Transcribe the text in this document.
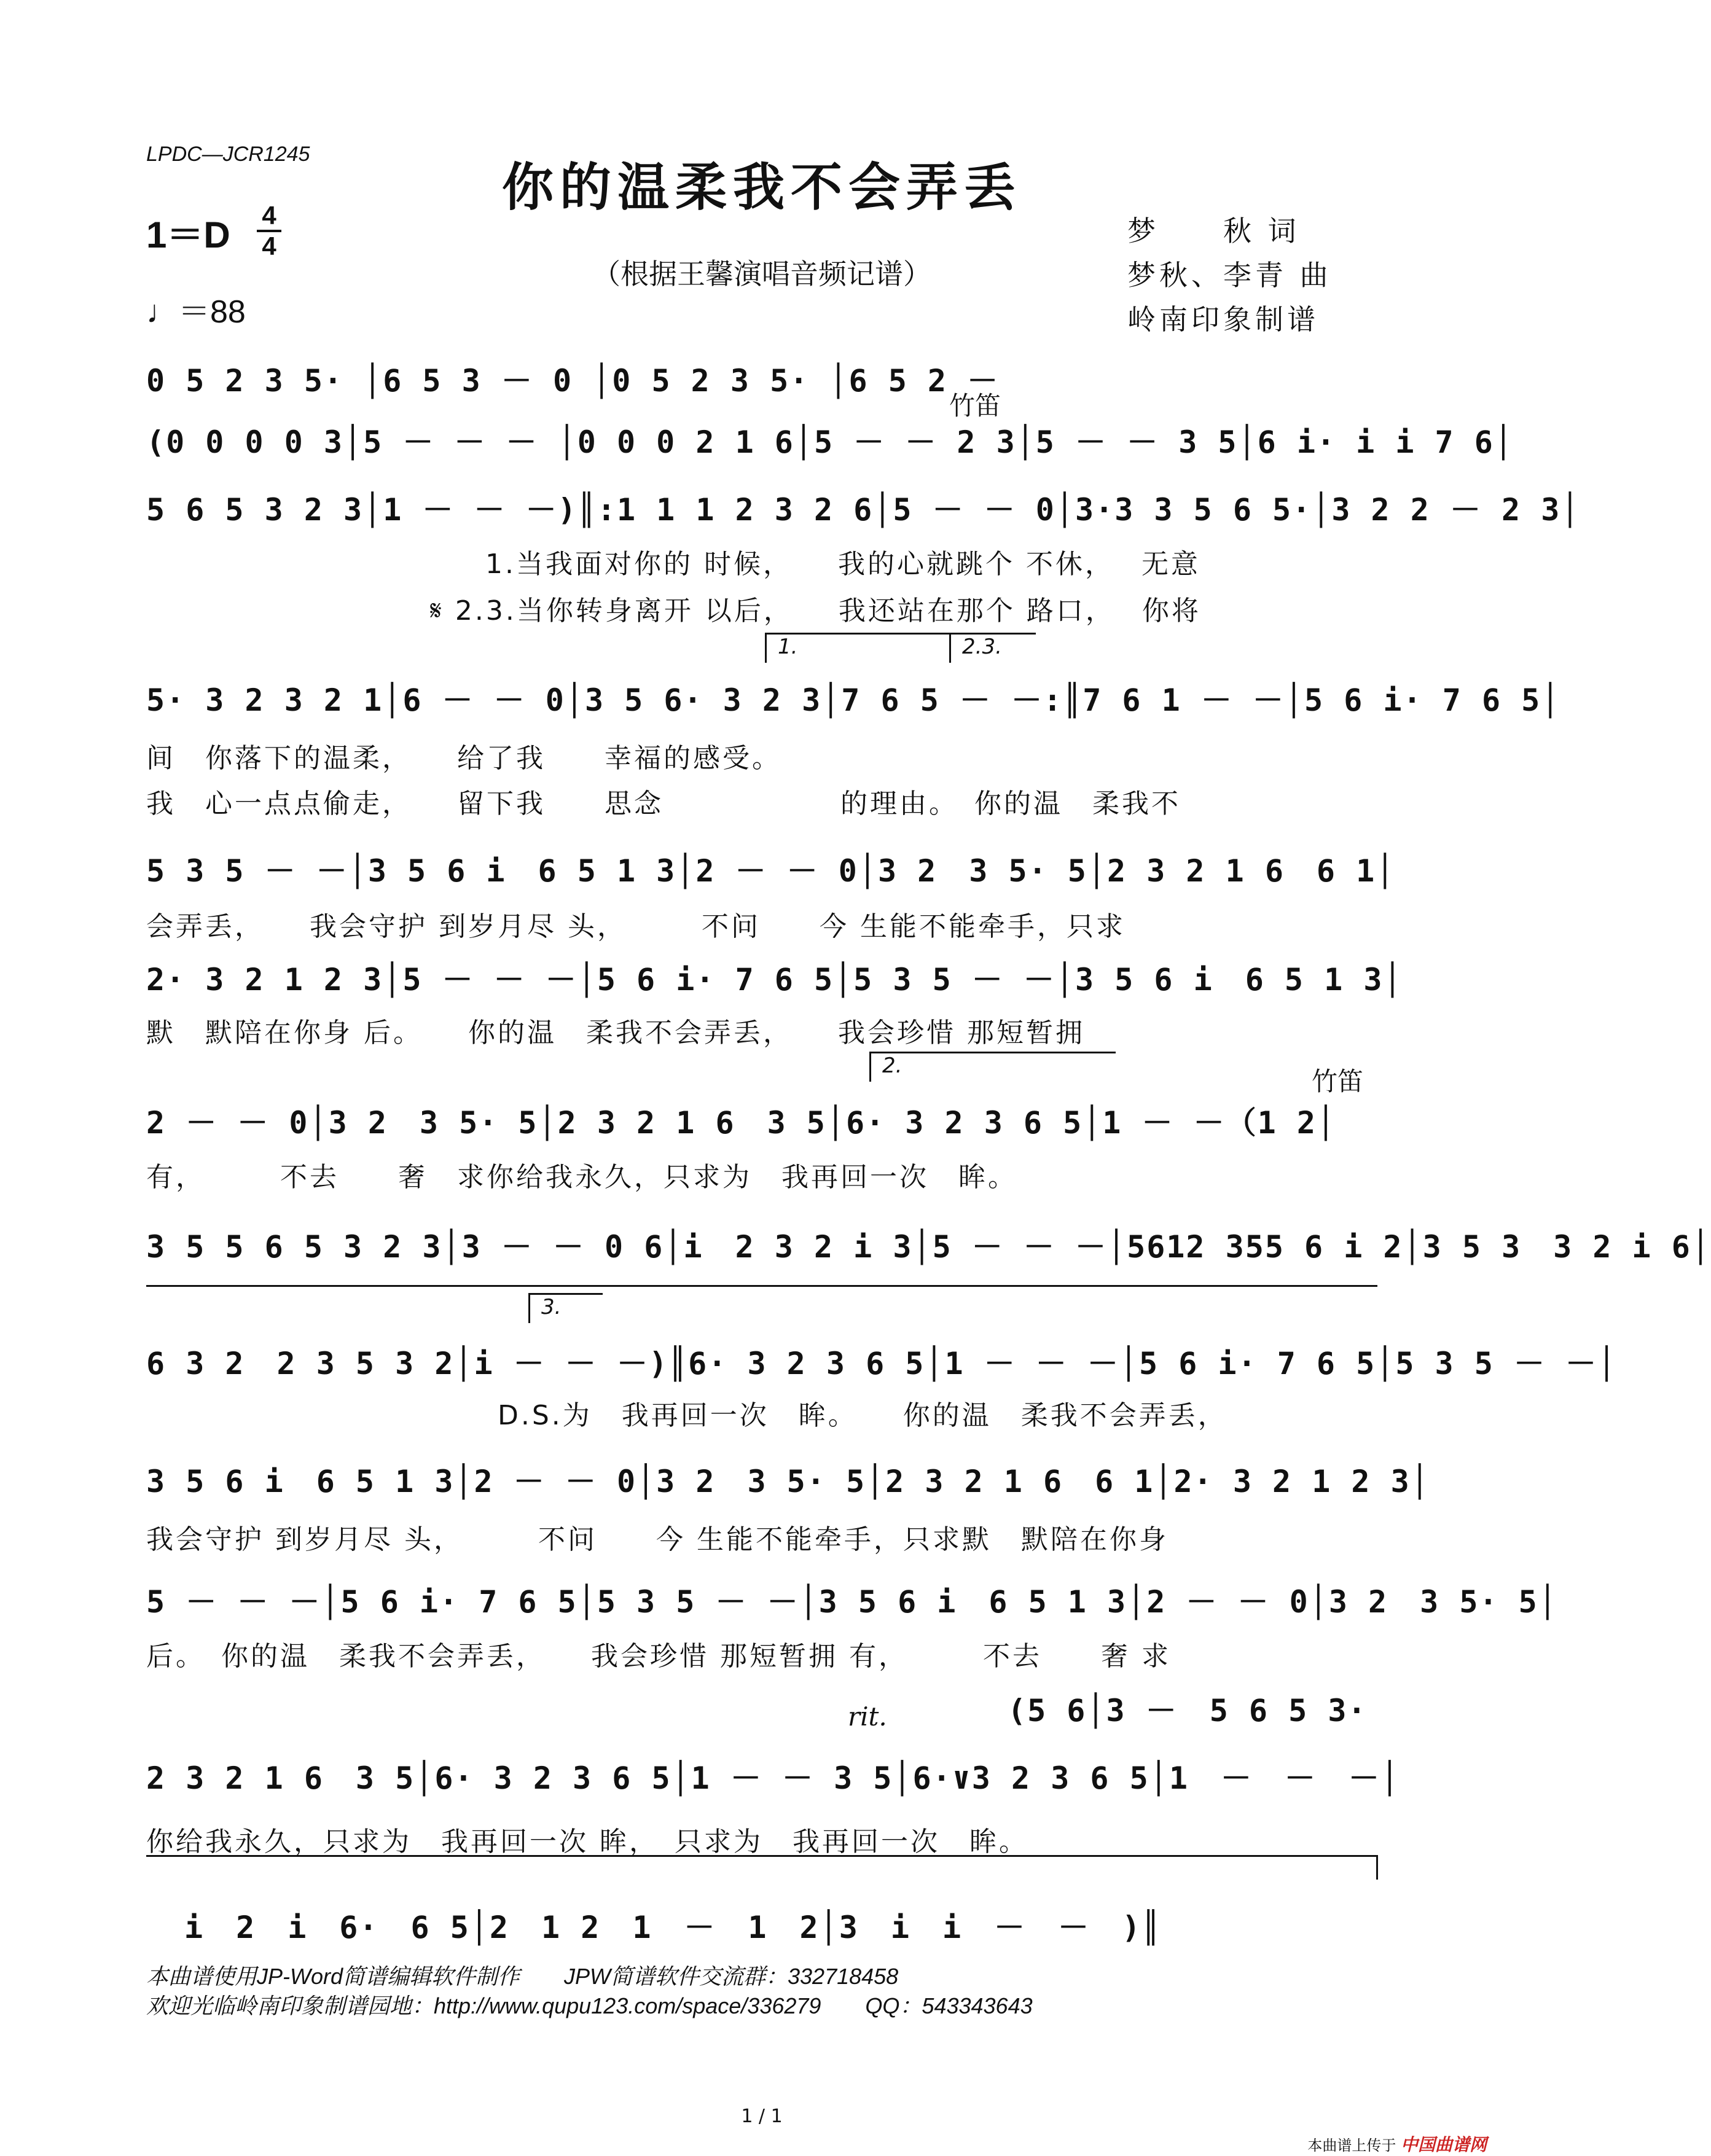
LPDC—JCR1245
你的温柔我不会弄丢
1＝D 4
4
♩＝88
（根据王馨演唱音频记谱）
梦　　秋 词
梦秋、李青 曲
岭南印象制谱
0 5 2 3 5· │6 5 3 － 0 │0 5 2 3 5· │6 5 2 －
竹笛
(0 0 0 0 3│5 － － － │0 0 0 2 1 6│5 － － 2 3│5 － － 3 5│6 i· i i 7 6│
5 6 5 3 2 3│1 － － －)║:1 1 1 2 3 2 6│5 － － 0│3·3 3 5 6 5·│3 2 2 － 2 3│
1.当我面对你的 时候，　　我的心就跳个 不休，　 无意
𝄋 2.3.当你转身离开 以后，　　我还站在那个 路口，　 你将
1.	2.3.
5· 3 2 3 2 1│6 － － 0│3 5 6· 3 2 3│7 6 5 － －:║7 6 1 － －│5 6 i· 7 6 5│
间　你落下的温柔，　　给了我　　幸福的感受。
我　心一点点偷走，　　留下我　　思念　　　　　　的理由。　你的温　柔我不
5 3 5 － －│3 5 6 i　6 5 1 3│2 － － 0│3 2　3 5· 5│2 3 2 1 6　6 1│
会弄丢，　　我会守护 到岁月尽 头，　　　不问　　今 生能不能牵手，只求
2· 3 2 1 2 3│5 － － －│5 6 i· 7 6 5│5 3 5 － －│3 5 6 i　6 5 1 3│
默　默陪在你身 后。　　你的温　柔我不会弄丢，　　我会珍惜 那短暂拥
2.
竹笛
2 － － 0│3 2　3 5· 5│2 3 2 1 6　3 5│6· 3 2 3 6 5│1 － －（1 2│
有，　　　不去　　奢　求你给我永久，只求为　我再回一次　眸。
3 5 5 6 5 3 2 3│3 － － 0 6│i　2 3 2 i 3│5 － － －│5612 355 6 i 2│3 5 3　3 2 i 6│
3.
6 3 2　2 3 5 3 2│i － － －)║6· 3 2 3 6 5│1 － － －│5 6 i· 7 6 5│5 3 5 － －│
D.S.为　我再回一次　眸。　　你的温　柔我不会弄丢，
3 5 6 i　6 5 1 3│2 － － 0│3 2　3 5· 5│2 3 2 1 6　6 1│2· 3 2 1 2 3│
我会守护 到岁月尽 头，　　　不问　　今 生能不能牵手，只求默　默陪在你身
5 － － －│5 6 i· 7 6 5│5 3 5 － －│3 5 6 i　6 5 1 3│2 － － 0│3 2　3 5· 5│
后。　你的温　柔我不会弄丢，　　我会珍惜 那短暂拥 有，　　　不去　　奢 求
(5 6│3 －　5 6 5 3·
rit.
2 3 2 1 6　3 5│6· 3 2 3 6 5│1 － － 3 5│6·∨3 2 3 6 5│1　－　－　－│
你给我永久，只求为　我再回一次 眸，　只求为　我再回一次　眸。
i　2　i　6·　6 5│2　1 2　1　－　1　2│3　i　i　－　－　)║
本曲谱使用JP-Word简谱编辑软件制作　　JPW简谱软件交流群：332718458
欢迎光临岭南印象制谱园地：http://www.qupu123.com/space/336279　　QQ：543343643
1 / 1
本曲谱上传于 中国曲谱网
